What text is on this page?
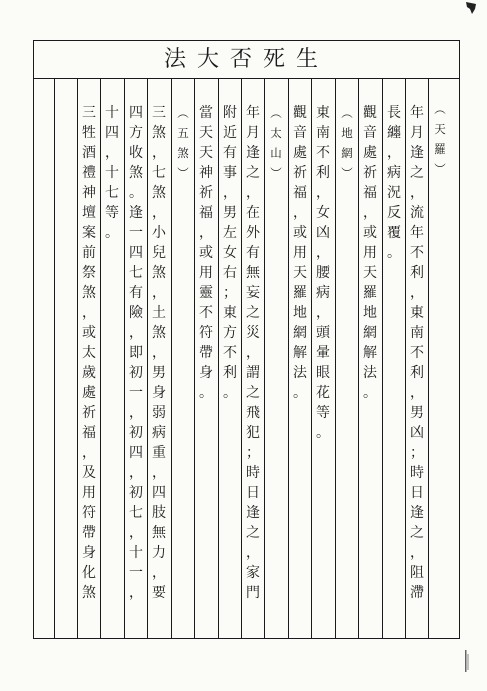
法大否死生
︵天羅︶
年月逢之，流年不利，東南不利，男凶；時日逢之，阻滯
長纏，病況反覆。
觀音處祈福，或用天羅地網解法。
︵地網︶
東南不利，女凶，腰病，頭暈眼花等。
觀音處祈福，或用天羅地網解法。
︵太山︶
年月逢之，在外有無妄之災，謂之飛犯；時日逢之，家門
附近有事，男左女右；東方不利。
當天天神祈福，或用靈不符帶身。
︵五煞︶
三煞，七煞，小兒煞，土煞，男身弱病重，四肢無力，要
四方收煞。逢一四七有險，即初一，初四，初七，十一，
十四，十七等。
三牲酒禮神壇案前祭煞，或太歲處祈福，及用符帶身化煞
